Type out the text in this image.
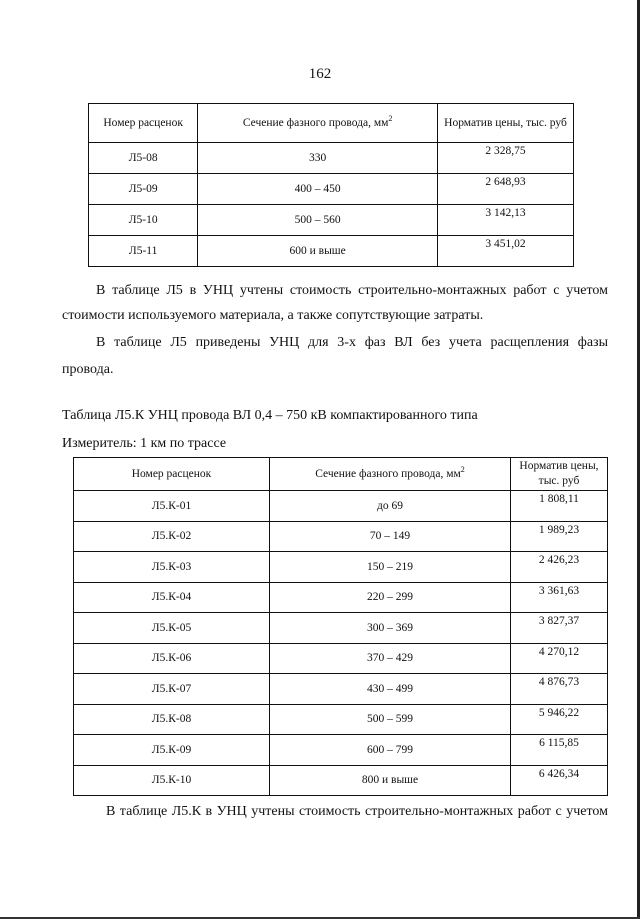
162
Номер расценок	Сечение фазного провода, $мм^2$	Норматив цены, тыс. руб
Л5-08	330	2 328,75
Л5-09	400 – 450	2 648,93
Л5-10	500 – 560	3 142,13
Л5-11	600 и выше	3 451,02
В таблице Л5 в УНЦ учтены стоимость строительно-монтажных работ с учетом
стоимости используемого материала, а также сопутствующие затраты.
В таблице Л5 приведены УНЦ для 3-х фаз ВЛ без учета расщепления фазы
провода.
Таблица Л5.К УНЦ провода ВЛ 0,4 – 750 кВ компактированного типа
Измеритель: 1 км по трассе
Номер расценок	Сечение фазного провода, $мм^2$	Норматив цены, тыс. руб
Л5.К-01	до 69	1 808,11
Л5.К-02	70 – 149	1 989,23
Л5.К-03	150 – 219	2 426,23
Л5.К-04	220 – 299	3 361,63
Л5.К-05	300 – 369	3 827,37
Л5.К-06	370 – 429	4 270,12
Л5.К-07	430 – 499	4 876,73
Л5.К-08	500 – 599	5 946,22
Л5.К-09	600 – 799	6 115,85
Л5.К-10	800 и выше	6 426,34
В таблице Л5.К в УНЦ учтены стоимость строительно-монтажных работ с учетом
